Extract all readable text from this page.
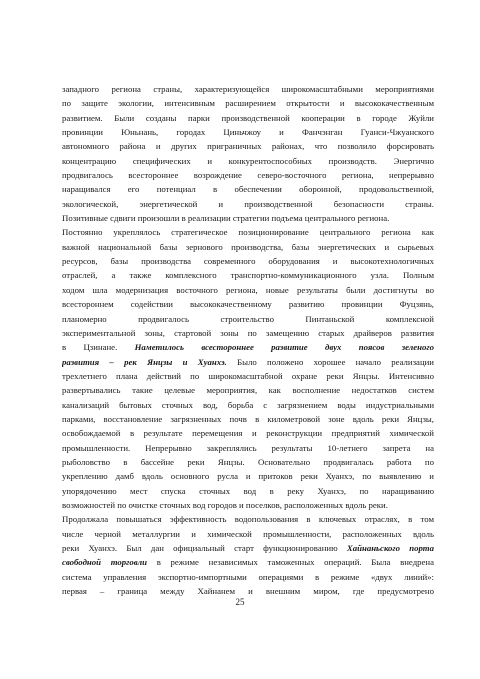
западного региона страны, характеризующейся широкомасштабными мероприятиями
по защите экологии, интенсивным расширением открытости и высококачественным
развитием. Были созданы парки производственной кооперации в городе Жуйли
провинции Юньнань, городах Циньчжоу и Фанчэнган Гуанси-Чжуанского
автономного района и других приграничных районах, что позволило форсировать
концентрацию специфических и конкурентоспособных производств. Энергично
продвигалось всестороннее возрождение северо-восточного региона, непрерывно
наращивался его потенциал в обеспечении оборонной, продовольственной,
экологической, энергетической и производственной безопасности страны.
Позитивные сдвиги произошли в реализации стратегии подъема центрального региона.
Постоянно укреплялось стратегическое позиционирование центрального региона как
важной национальной базы зернового производства, базы энергетических и сырьевых
ресурсов, базы производства современного оборудования и высокотехнологичных
отраслей, а также комплексного транспортно-коммуникационного узла. Полным
ходом шла модернизация восточного региона, новые результаты были достигнуты во
всестороннем содействии высококачественному развитию провинции Фуцзянь,
планомерно продвигалось строительство Пинтаньской комплексной
экспериментальной зоны, стартовой зоны по замещению старых драйверов развития
в Цзинане. Наметилось всестороннее развитие двух поясов зеленого
развития – рек Янцзы и Хуанхэ. Было положено хорошее начало реализации
трехлетнего плана действий по широкомасштабной охране реки Янцзы. Интенсивно
развертывались такие целевые мероприятия, как восполнение недостатков систем
канализаций бытовых сточных вод, борьба с загрязнением воды индустриальными
парками, восстановление загрязненных почв в километровой зоне вдоль реки Янцзы,
освобождаемой в результате перемещения и реконструкции предприятий химической
промышленности. Непрерывно закреплялись результаты 10-летнего запрета на
рыболовство в бассейне реки Янцзы. Основательно продвигалась работа по
укреплению дамб вдоль основного русла и притоков реки Хуанхэ, по выявлению и
упорядочению мест спуска сточных вод в реку Хуанхэ, по наращиванию
возможностей по очистке сточных вод городов и поселков, расположенных вдоль реки.
Продолжала повышаться эффективность водопользования в ключевых отраслях, в том
числе черной металлургии и химической промышленности, расположенных вдоль
реки Хуанхэ. Был дан официальный старт функционированию Хайнаньского порта
свободной торговли в режиме независимых таможенных операций. Была внедрена
система управления экспортно-импортными операциями в режиме «двух линий»:
первая – граница между Хайнанем и внешним миром, где предусмотрено
25
